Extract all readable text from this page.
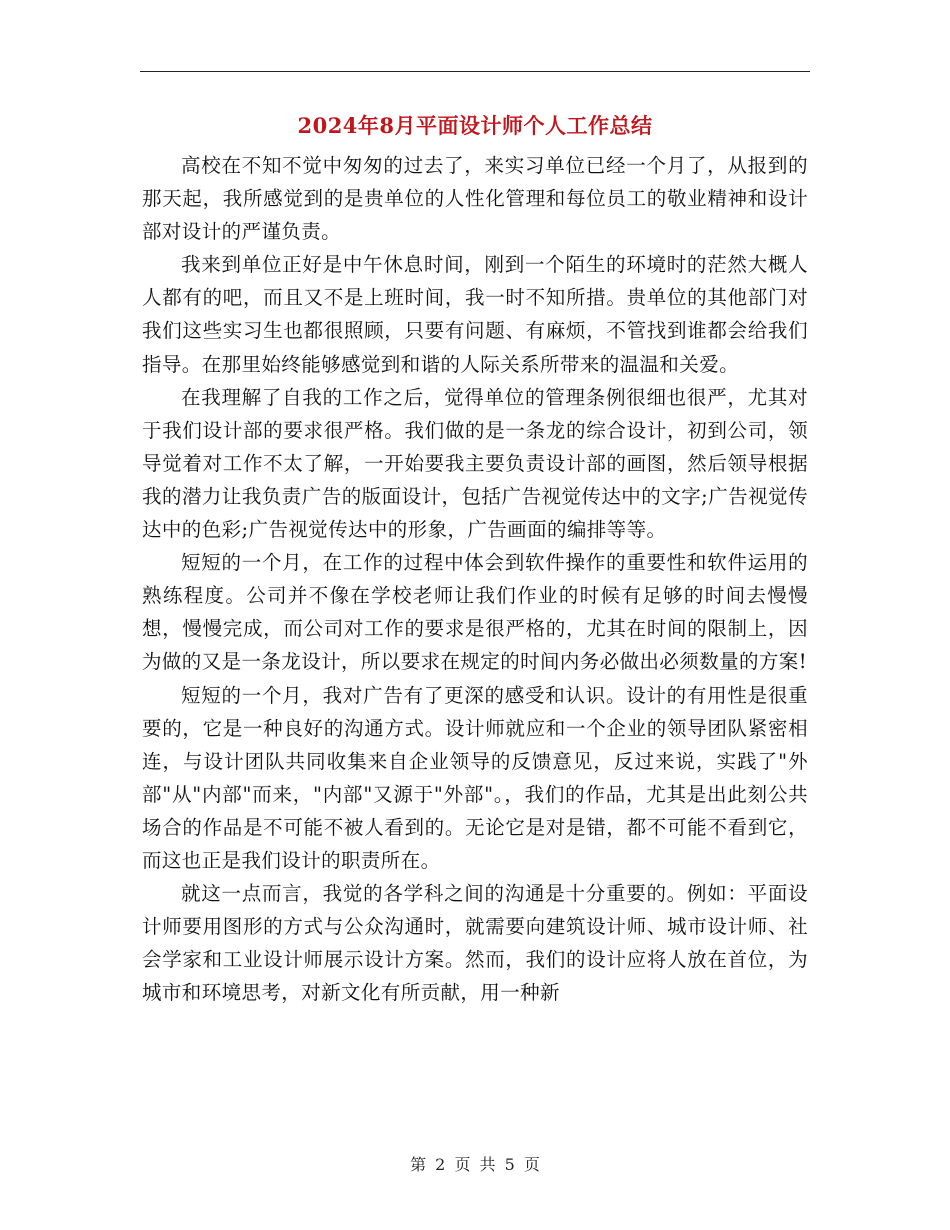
2024年8月平面设计师个人工作总结

高校在不知不觉中匆匆的过去了，来实习单位已经一个月了，从报到的那天起，我所感觉到的是贵单位的人性化管理和每位员工的敬业精神和设计部对设计的严谨负责。

我来到单位正好是中午休息时间，刚到一个陌生的环境时的茫然大概人人都有的吧，而且又不是上班时间，我一时不知所措。贵单位的其他部门对我们这些实习生也都很照顾，只要有问题、有麻烦，不管找到谁都会给我们指导。在那里始终能够感觉到和谐的人际关系所带来的温温和关爱。

在我理解了自我的工作之后，觉得单位的管理条例很细也很严，尤其对于我们设计部的要求很严格。我们做的是一条龙的综合设计，初到公司，领导觉着对工作不太了解，一开始要我主要负责设计部的画图，然后领导根据我的潜力让我负责广告的版面设计，包括广告视觉传达中的文字;广告视觉传达中的色彩;广告视觉传达中的形象，广告画面的编排等等。

短短的一个月，在工作的过程中体会到软件操作的重要性和软件运用的熟练程度。公司并不像在学校老师让我们作业的时候有足够的时间去慢慢想，慢慢完成，而公司对工作的要求是很严格的，尤其在时间的限制上，因为做的又是一条龙设计，所以要求在规定的时间内务必做出必须数量的方案!

短短的一个月，我对广告有了更深的感受和认识。设计的有用性是很重要的，它是一种良好的沟通方式。设计师就应和一个企业的领导团队紧密相连，与设计团队共同收集来自企业领导的反馈意见，反过来说，实践了"外部"从"内部"而来，"内部"又源于"外部"。，我们的作品，尤其是出此刻公共场合的作品是不可能不被人看到的。无论它是对是错，都不可能不看到它，而这也正是我们设计的职责所在。

就这一点而言，我觉的各学科之间的沟通是十分重要的。例如：平面设计师要用图形的方式与公众沟通时，就需要向建筑设计师、城市设计师、社会学家和工业设计师展示设计方案。然而，我们的设计应将人放在首位，为城市和环境思考，对新文化有所贡献，用一种新

第 2 页 共 5 页
